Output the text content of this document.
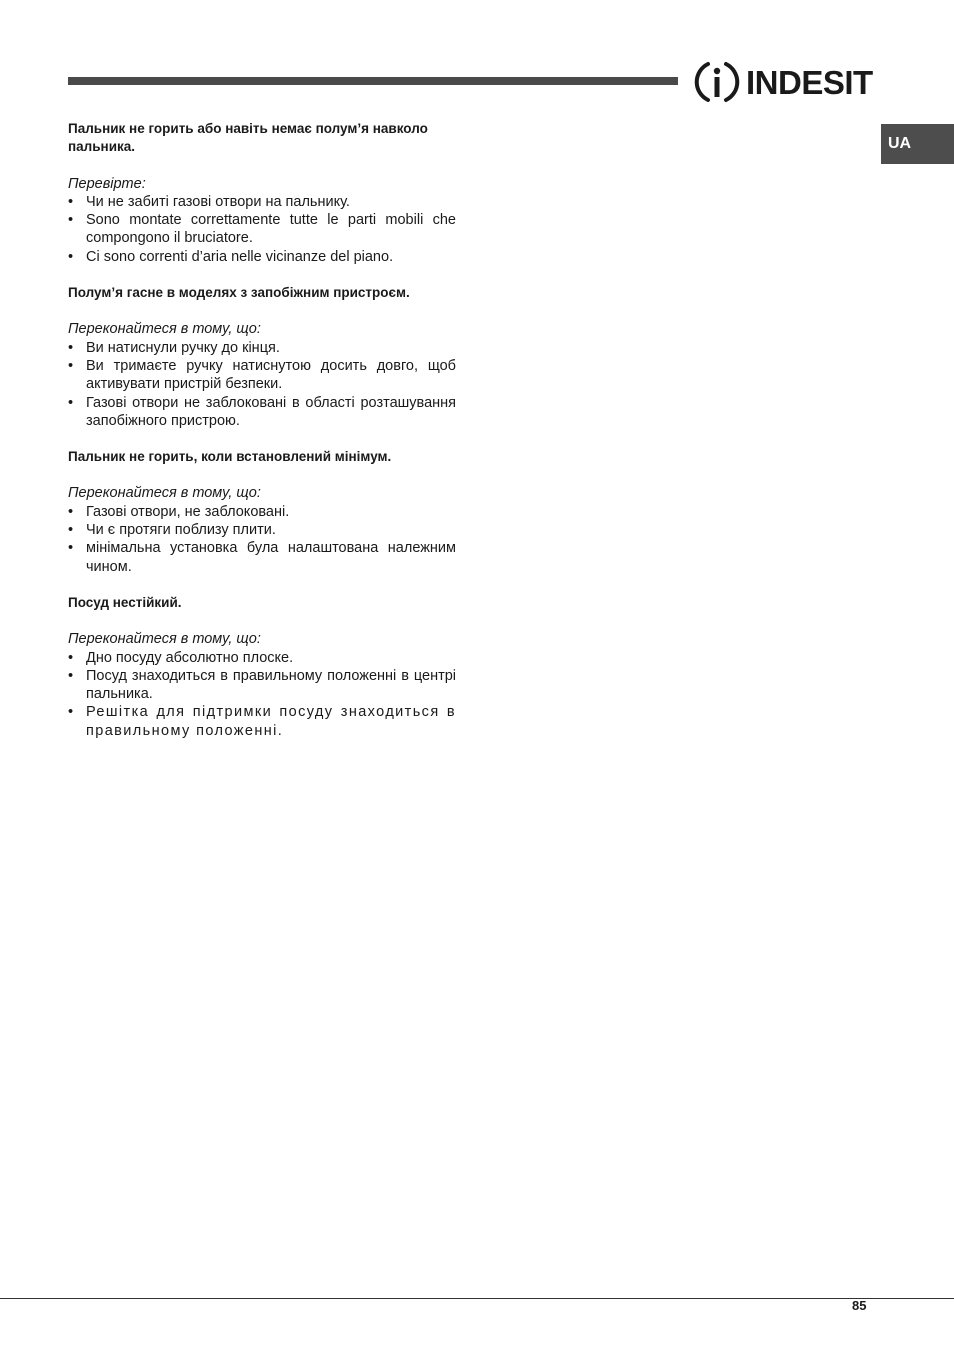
INDESIT
UA

Пальник не горить або навіть немає полум’я навколо пальника.

Перевірте:

• Чи не забиті газові отвори на пальнику.
• Sono montate correttamente tutte le parti mobili che compongono il bruciatore.
• Ci sono correnti d’aria nelle vicinanze del piano.

Полум’я гасне в моделях з запобіжним пристроєм.

Переконайтеся в тому, що:

• Ви натиснули ручку до кінця.
• Ви тримаєте ручку натиснутою досить довго, щоб активувати пристрій безпеки.
• Газові отвори не заблоковані в області розташування запобіжного пристрою.

Пальник не горить, коли встановлений мінімум.

Переконайтеся в тому, що:

• Газові отвори, не заблоковані.
• Чи є протяги поблизу плити.
• мінімальна установка була налаштована належним чином.

Посуд нестійкий.

Переконайтеся в тому, що:

• Дно посуду абсолютно плоске.
• Посуд знаходиться в правильному положенні в центрі пальника.
• Решітка для підтримки посуду знаходиться в правильному положенні.
85
